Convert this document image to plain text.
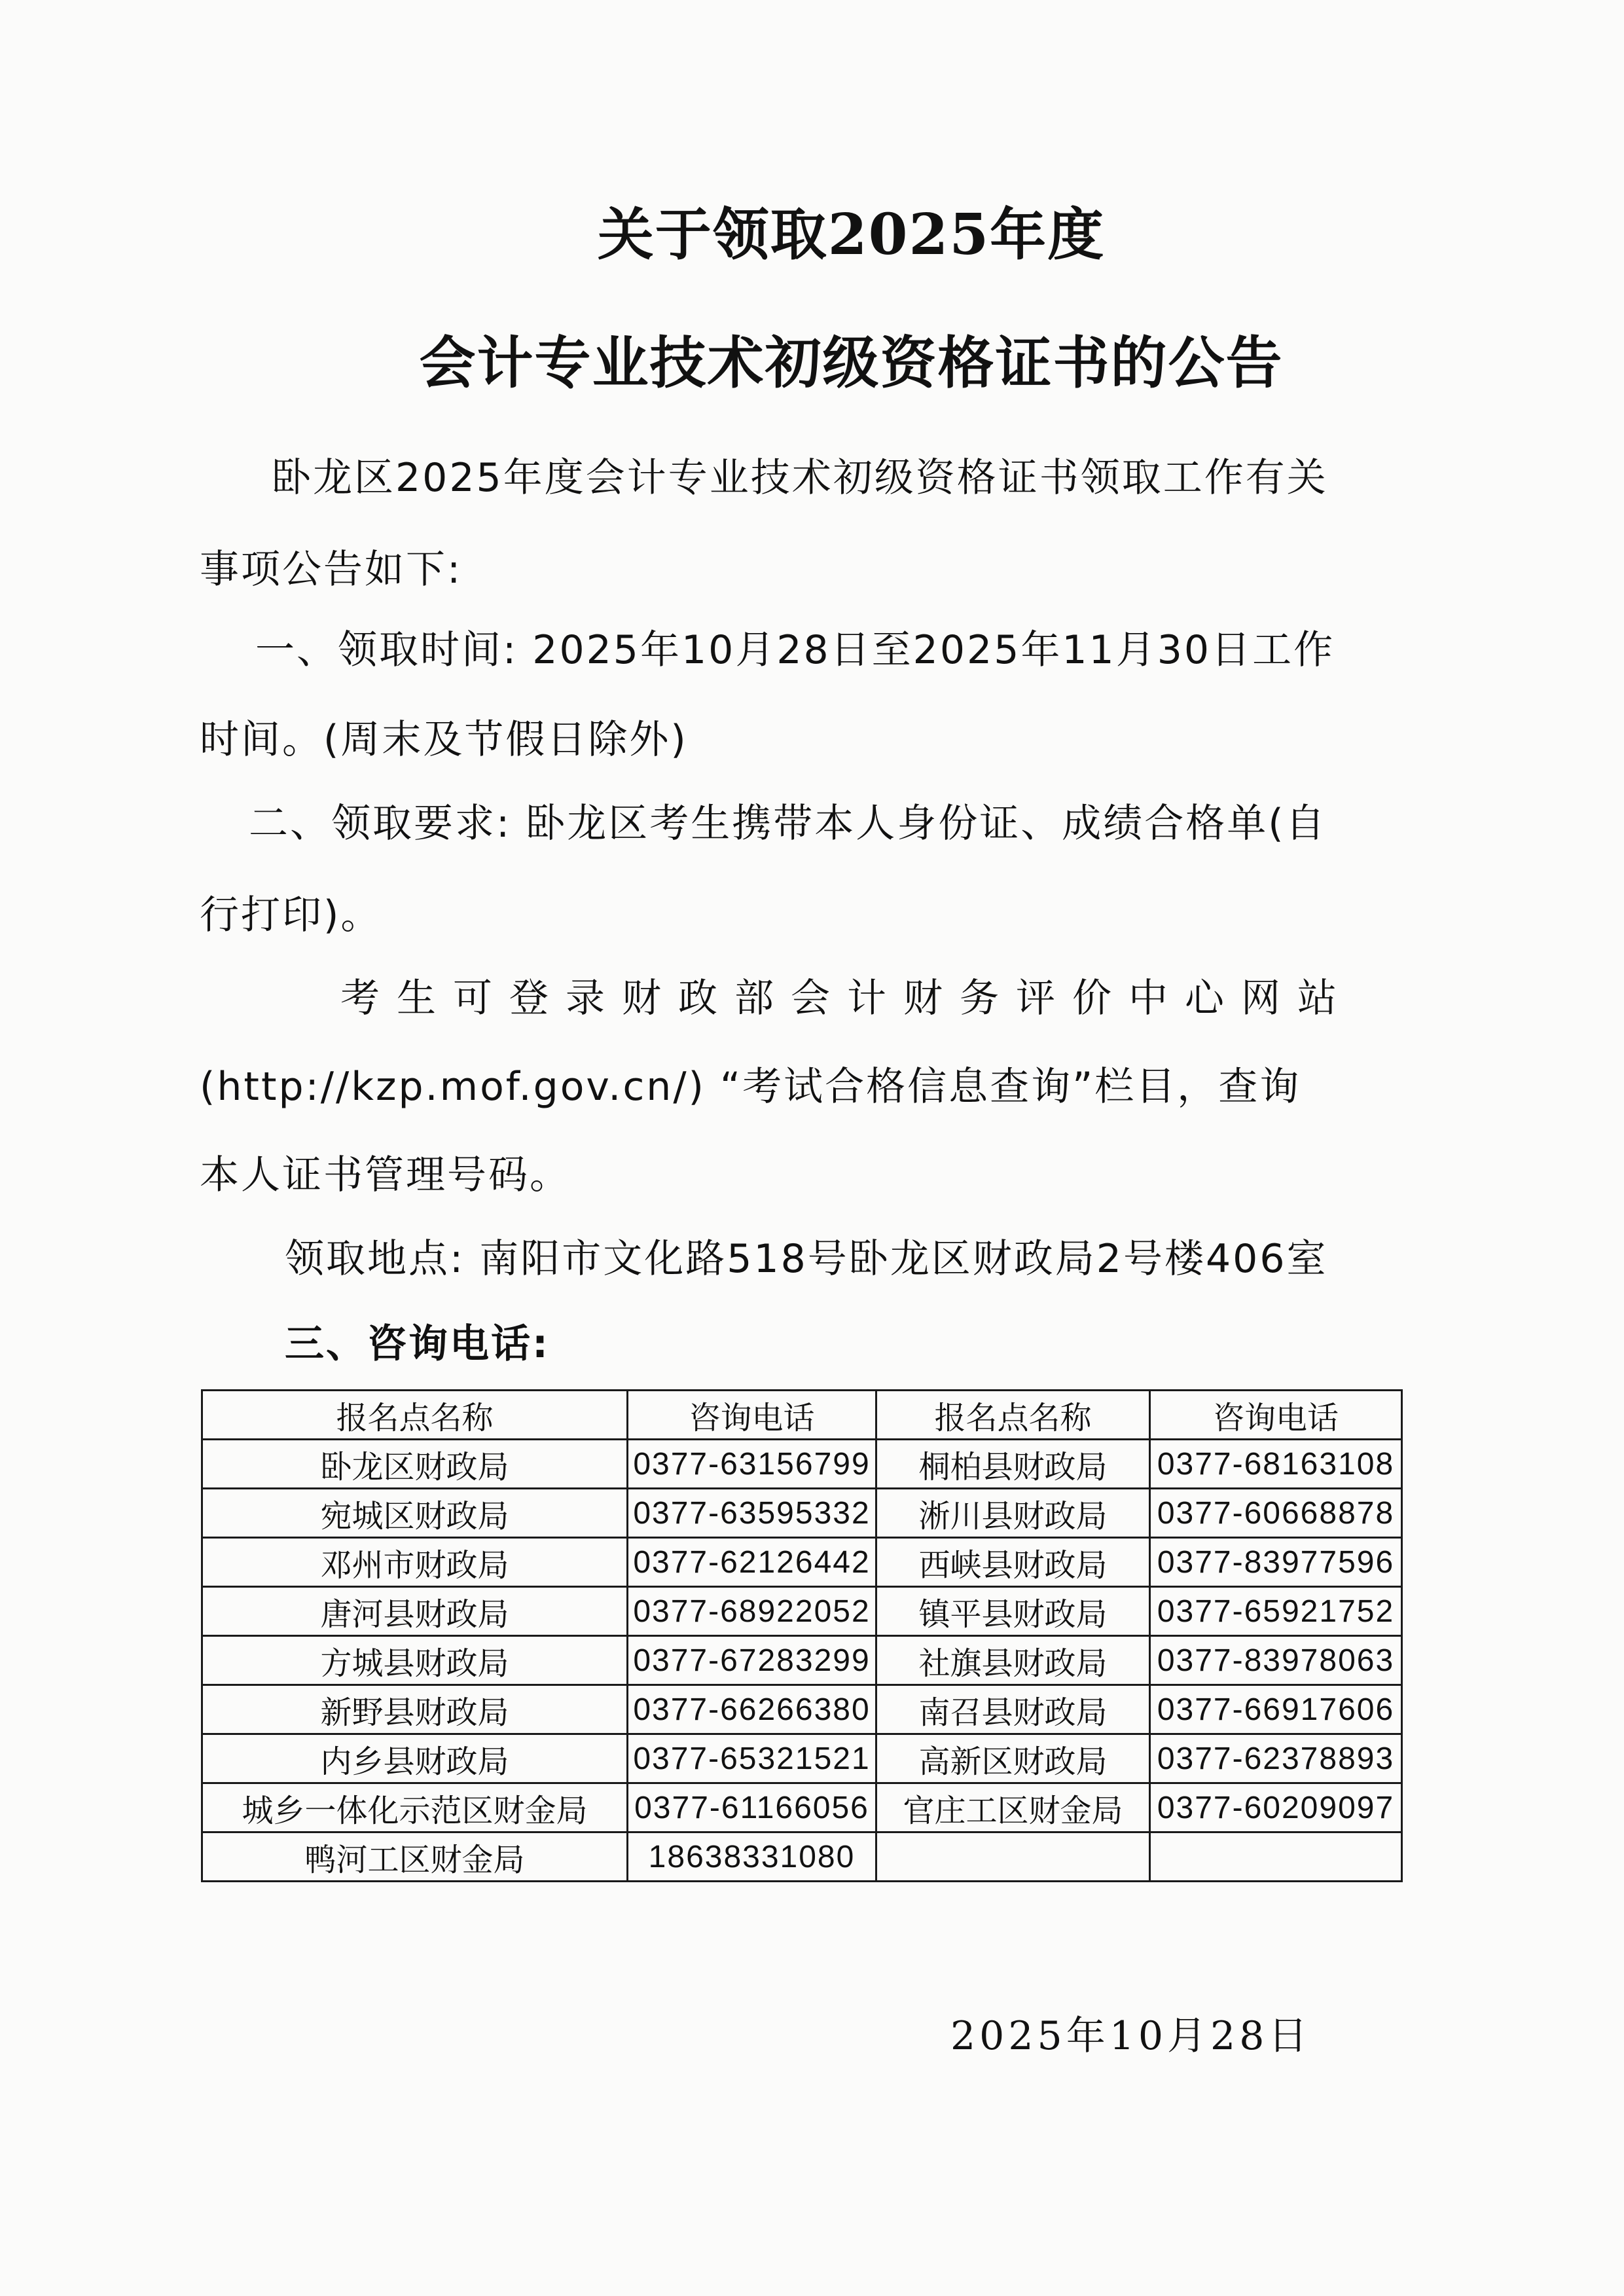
关于领取2025年度
会计专业技术初级资格证书的公告
卧龙区2025年度会计专业技术初级资格证书领取工作有关
事项公告如下:
一、领取时间: 2025年10月28日至2025年11月30日工作
时间。(周末及节假日除外)
二、领取要求: 卧龙区考生携带本人身份证、成绩合格单(自
行打印)。
考生可登录财政部会计财务评价中心网站
(http://kzp.mof.gov.cn/) “考试合格信息查询”栏目，查询
本人证书管理号码。
领取地点: 南阳市文化路518号卧龙区财政局2号楼406室
三、咨询电话:
报名点名称	咨询电话	报名点名称	咨询电话
卧龙区财政局	0377-63156799	桐柏县财政局	0377-68163108
宛城区财政局	0377-63595332	淅川县财政局	0377-60668878
邓州市财政局	0377-62126442	西峡县财政局	0377-83977596
唐河县财政局	0377-68922052	镇平县财政局	0377-65921752
方城县财政局	0377-67283299	社旗县财政局	0377-83978063
新野县财政局	0377-66266380	南召县财政局	0377-66917606
内乡县财政局	0377-65321521	高新区财政局	0377-62378893
城乡一体化示范区财金局	0377-61166056	官庄工区财金局	0377-60209097
鸭河工区财金局	18638331080		
2025年10月28日
